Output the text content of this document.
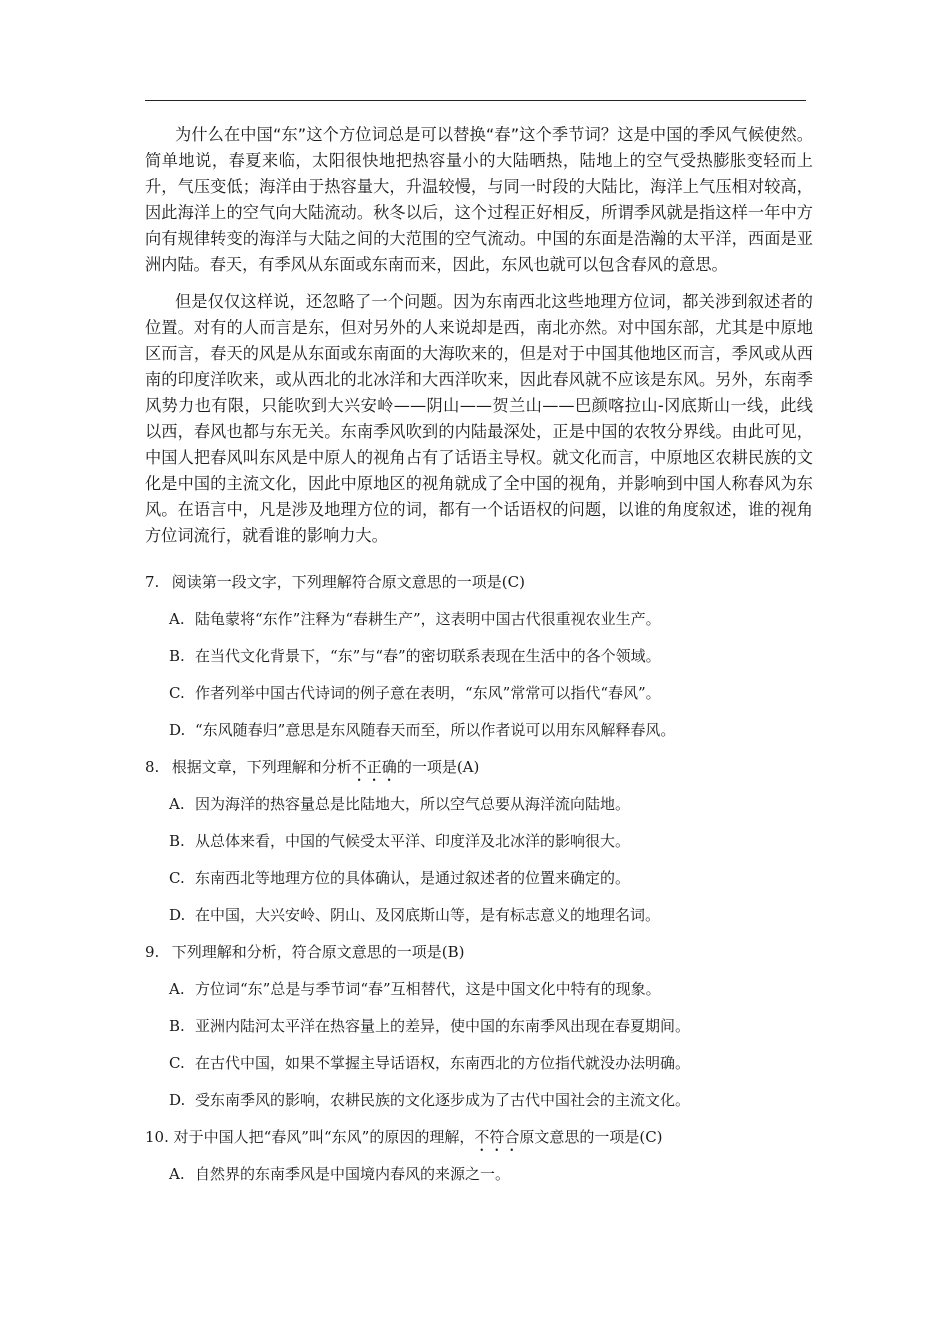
为什么在中国“东”这个方位词总是可以替换“春”这个季节词？这是中国的季风气候使然。简单地说，春夏来临，太阳很快地把热容量小的大陆晒热，陆地上的空气受热膨胀变轻而上升，气压变低；海洋由于热容量大，升温较慢，与同一时段的大陆比，海洋上气压相对较高，因此海洋上的空气向大陆流动。秋冬以后，这个过程正好相反，所谓季风就是指这样一年中方向有规律转变的海洋与大陆之间的大范围的空气流动。中国的东面是浩瀚的太平洋，西面是亚洲内陆。春天，有季风从东面或东南而来，因此，东风也就可以包含春风的意思。

但是仅仅这样说，还忽略了一个问题。因为东南西北这些地理方位词，都关涉到叙述者的位置。对有的人而言是东，但对另外的人来说却是西，南北亦然。对中国东部，尤其是中原地区而言，春天的风是从东面或东南面的大海吹来的，但是对于中国其他地区而言，季风或从西南的印度洋吹来，或从西北的北冰洋和大西洋吹来，因此春风就不应该是东风。另外，东南季风势力也有限，只能吹到大兴安岭——阴山——贺兰山——巴颜喀拉山-冈底斯山一线，此线以西，春风也都与东无关。东南季风吹到的内陆最深处，正是中国的农牧分界线。由此可见，中国人把春风叫东风是中原人的视角占有了话语主导权。就文化而言，中原地区农耕民族的文化是中国的主流文化，因此中原地区的视角就成了全中国的视角，并影响到中国人称春风为东风。在语言中，凡是涉及地理方位的词，都有一个话语权的问题，以谁的角度叙述，谁的视角方位词流行，就看谁的影响力大。

7. 阅读第一段文字，下列理解符合原文意思的一项是(C)
A. 陆龟蒙将“东作”注释为“春耕生产”，这表明中国古代很重视农业生产。
B. 在当代文化背景下，“东”与“春”的密切联系表现在生活中的各个领域。
C. 作者列举中国古代诗词的例子意在表明，“东风”常常可以指代“春风”。
D. “东风随春归”意思是东风随春天而至，所以作者说可以用东风解释春风。
8. 根据文章，下列理解和分析不正确的一项是(A)
A. 因为海洋的热容量总是比陆地大，所以空气总要从海洋流向陆地。
B. 从总体来看，中国的气候受太平洋、印度洋及北冰洋的影响很大。
C. 东南西北等地理方位的具体确认，是通过叙述者的位置来确定的。
D. 在中国，大兴安岭、阴山、及冈底斯山等，是有标志意义的地理名词。
9. 下列理解和分析，符合原文意思的一项是(B)
A. 方位词“东”总是与季节词“春”互相替代，这是中国文化中特有的现象。
B. 亚洲内陆河太平洋在热容量上的差异，使中国的东南季风出现在春夏期间。
C. 在古代中国，如果不掌握主导话语权，东南西北的方位指代就没办法明确。
D. 受东南季风的影响，农耕民族的文化逐步成为了古代中国社会的主流文化。
10. 对于中国人把“春风”叫“东风”的原因的理解，不符合原文意思的一项是(C)
A. 自然界的东南季风是中国境内春风的来源之一。
